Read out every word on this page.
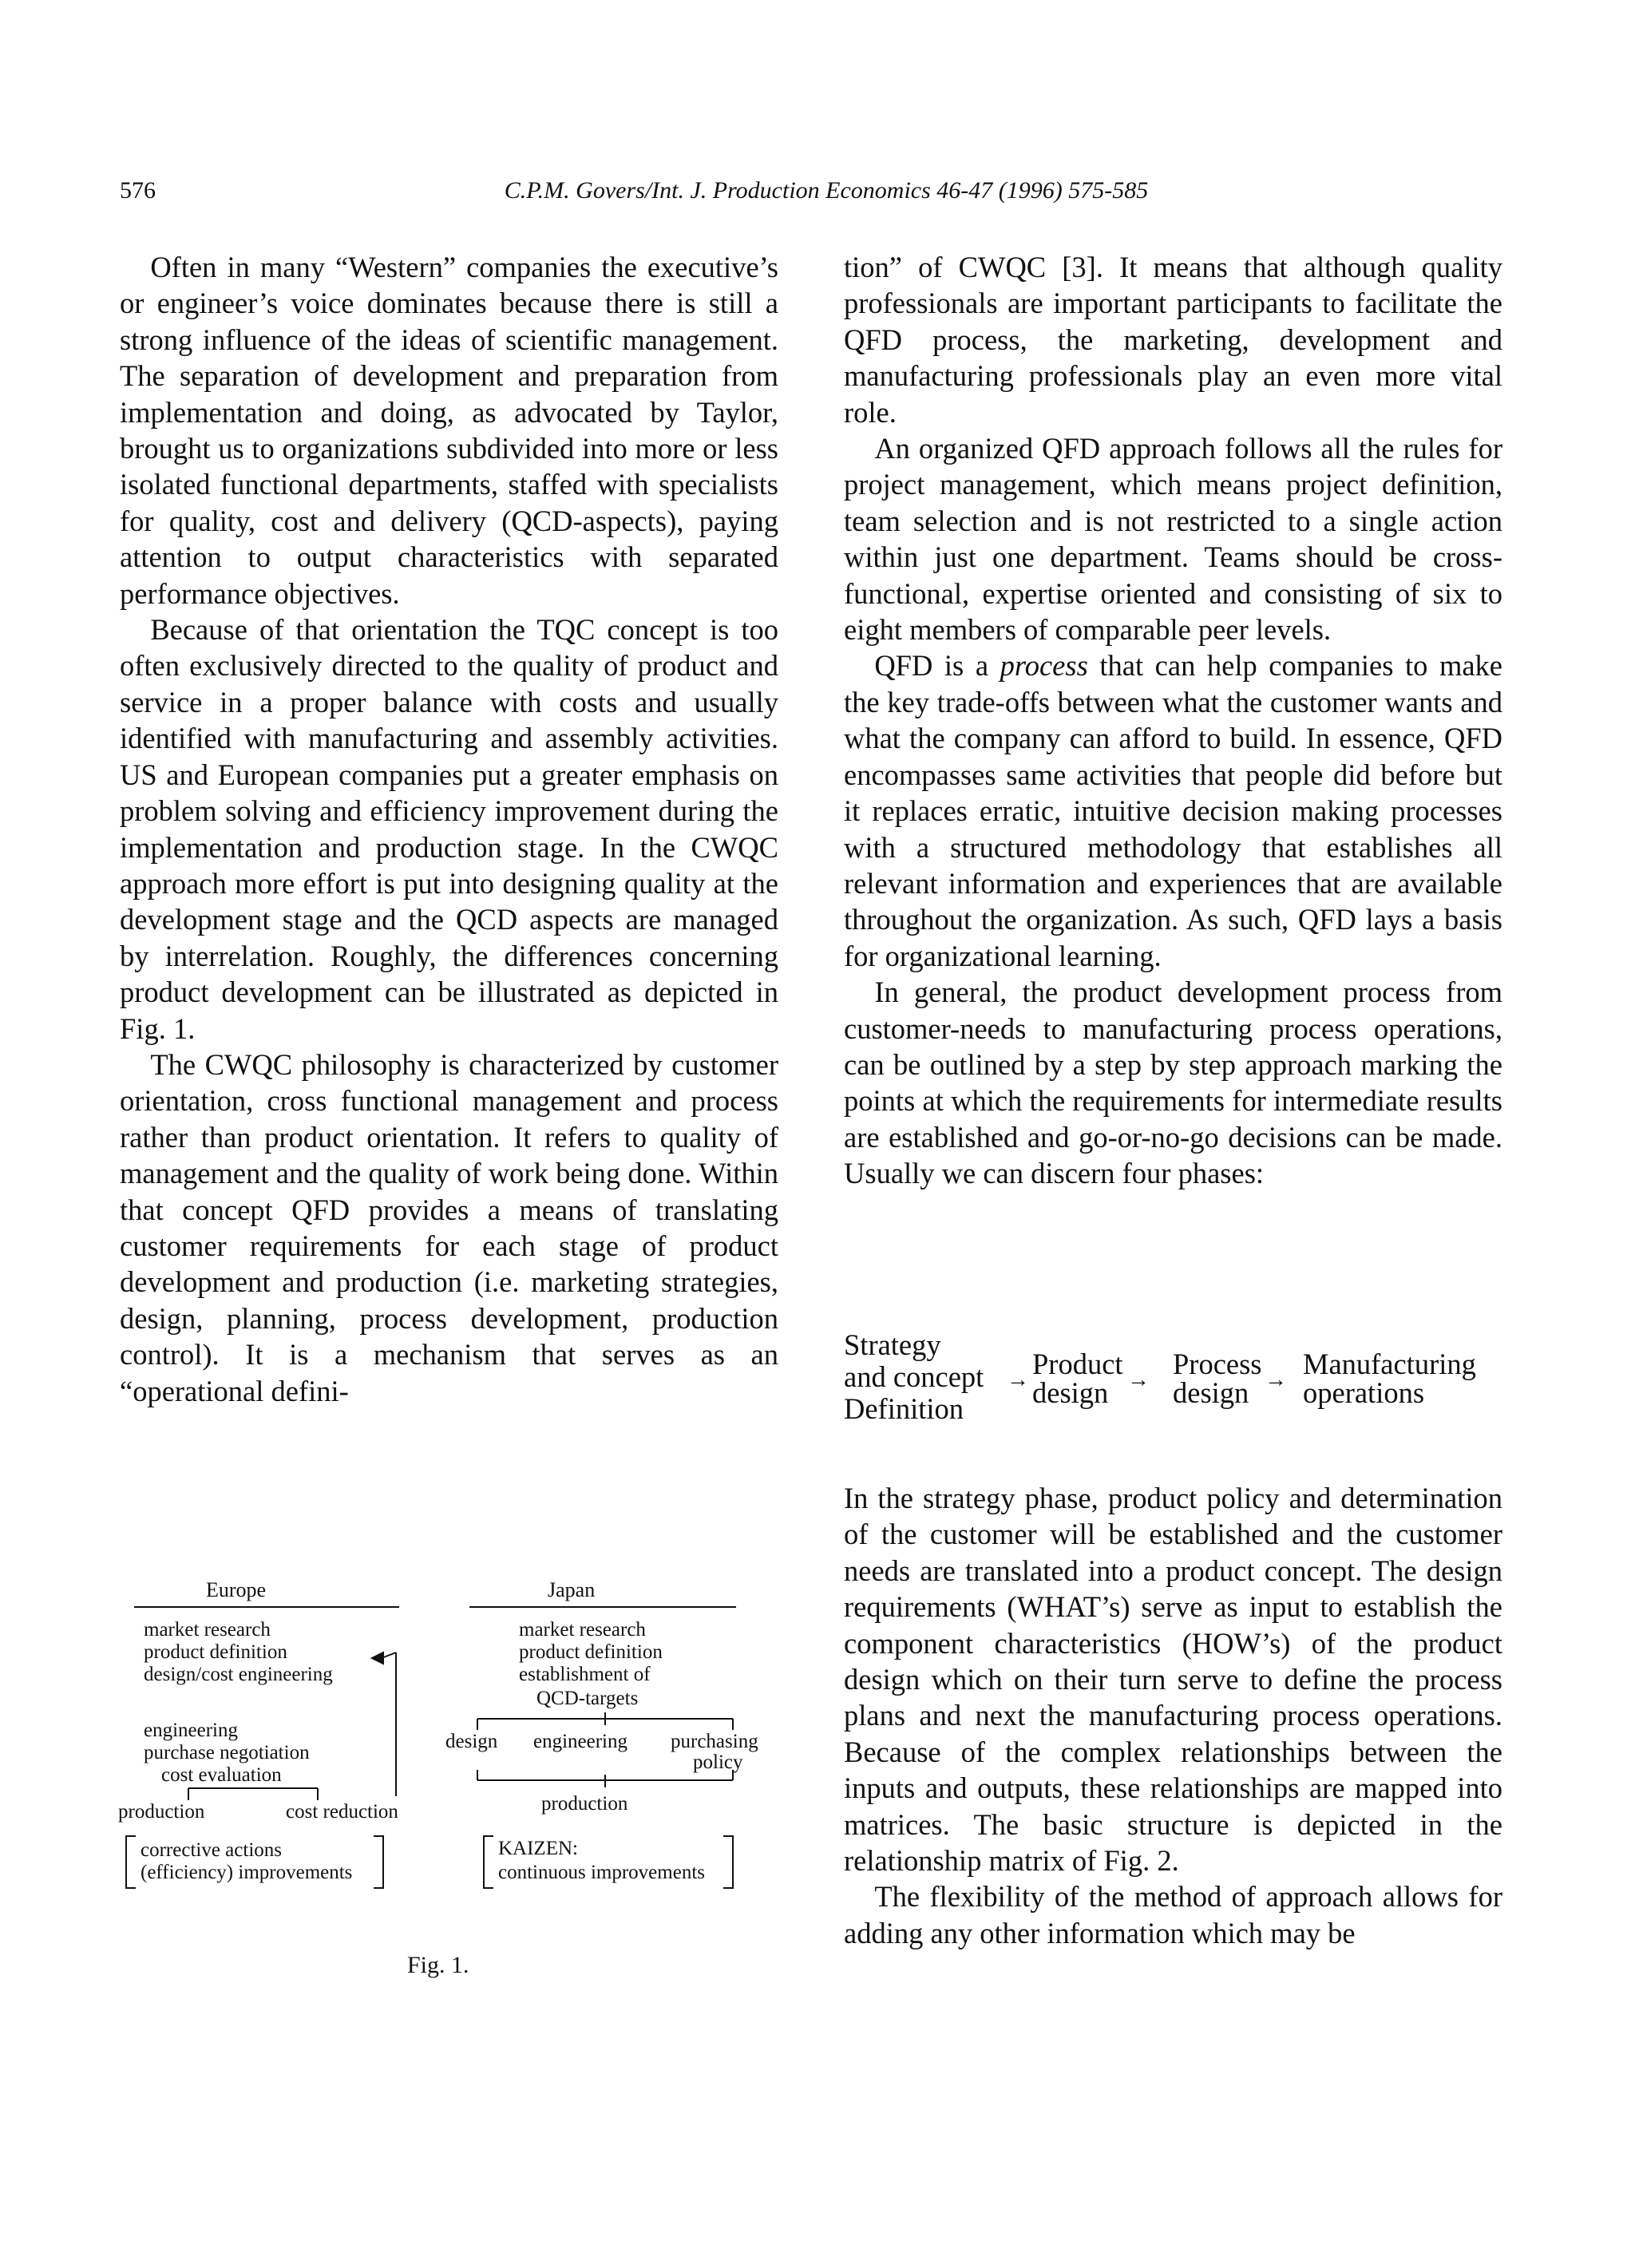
576	C.P.M. Govers/Int. J. Production Economics 46-47 (1996) 575-585

Often in many “Western” companies the executive’s or engineer’s voice dominates because there is still a strong influence of the ideas of scientific management. The separation of development and preparation from implementation and doing, as advocated by Taylor, brought us to organizations subdivided into more or less isolated functional departments, staffed with specialists for quality, cost and delivery (QCD-aspects), paying attention to output characteristics with separated performance objectives.

Because of that orientation the TQC concept is too often exclusively directed to the quality of product and service in a proper balance with costs and usually identified with manufacturing and assembly activities. US and European companies put a greater emphasis on problem solving and efficiency improvement during the implementation and production stage. In the CWQC approach more effort is put into designing quality at the development stage and the QCD aspects are managed by interrelation. Roughly, the differences concerning product development can be illustrated as depicted in Fig. 1.

The CWQC philosophy is characterized by customer orientation, cross functional management and process rather than product orientation. It refers to quality of management and the quality of work being done. Within that concept QFD provides a means of translating customer requirements for each stage of product development and production (i.e. marketing strategies, design, planning, process development, production control). It is a mechanism that serves as an “operational defini-

tion” of CWQC [3]. It means that although quality professionals are important participants to facilitate the QFD process, the marketing, development and manufacturing professionals play an even more vital role.

An organized QFD approach follows all the rules for project management, which means project definition, team selection and is not restricted to a single action within just one department. Teams should be cross-functional, expertise oriented and consisting of six to eight members of comparable peer levels.

QFD is a process that can help companies to make the key trade-offs between what the customer wants and what the company can afford to build. In essence, QFD encompasses same activities that people did before but it replaces erratic, intuitive decision making processes with a structured methodology that establishes all relevant information and experiences that are available throughout the organization. As such, QFD lays a basis for organizational learning.

In general, the product development process from customer-needs to manufacturing process operations, can be outlined by a step by step approach marking the points at which the requirements for intermediate results are established and go-or-no-go decisions can be made. Usually we can discern four phases:

Strategy
and concept
Definition
→ Product
design → Process
design → Manufacturing
operations

In the strategy phase, product policy and determination of the customer will be established and the customer needs are translated into a product concept. The design requirements (WHAT’s) serve as input to establish the component characteristics (HOW’s) of the product design which on their turn serve to define the process plans and next the manufacturing process operations. Because of the complex relationships between the inputs and outputs, these relationships are mapped into matrices. The basic structure is depicted in the relationship matrix of Fig. 2.

The flexibility of the method of approach allows for adding any other information which may be

Europe
market research
product definition
design/cost engineering
engineering
purchase negotiation
cost evaluation
production	cost reduction
corrective actions
(efficiency) improvements
Japan
market research
product definition
establishment of
QCD-targets
design engineering purchasing
policy
production
KAIZEN:
continuous improvements
Fig. 1.
